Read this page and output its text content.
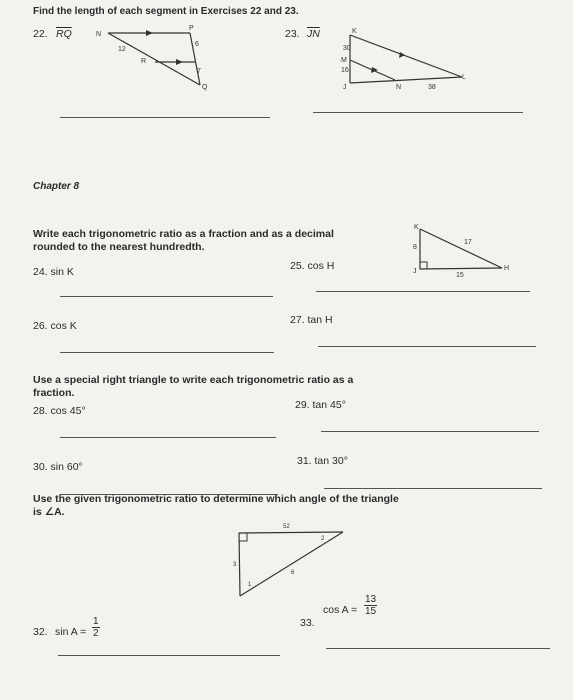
Find the length of each segment in Exercises 22 and 23.
22. $\overline{RQ}$	N
P
R
Q
12
6
7
23. $\overline{JN}$	K
30
M
16
J	N	38
L
Chapter 8
Write each trigonometric ratio as a fraction and as a decimal
rounded to the nearest hundredth.
K
8
17
J
15
H
24. sin K	25. cos H
26. cos K	27. tan H
Use a special right triangle to write each trigonometric ratio as a
fraction.
28. cos 45°	29. tan 45°
30. sin 60°	31. tan 30°
Use the given trigonometric ratio to determine which angle of the triangle
is ∠A.
52
2
3
1
6
32. $\sin A = \frac{1}{2}$	33.
$\cos A = \frac{13}{15}$
